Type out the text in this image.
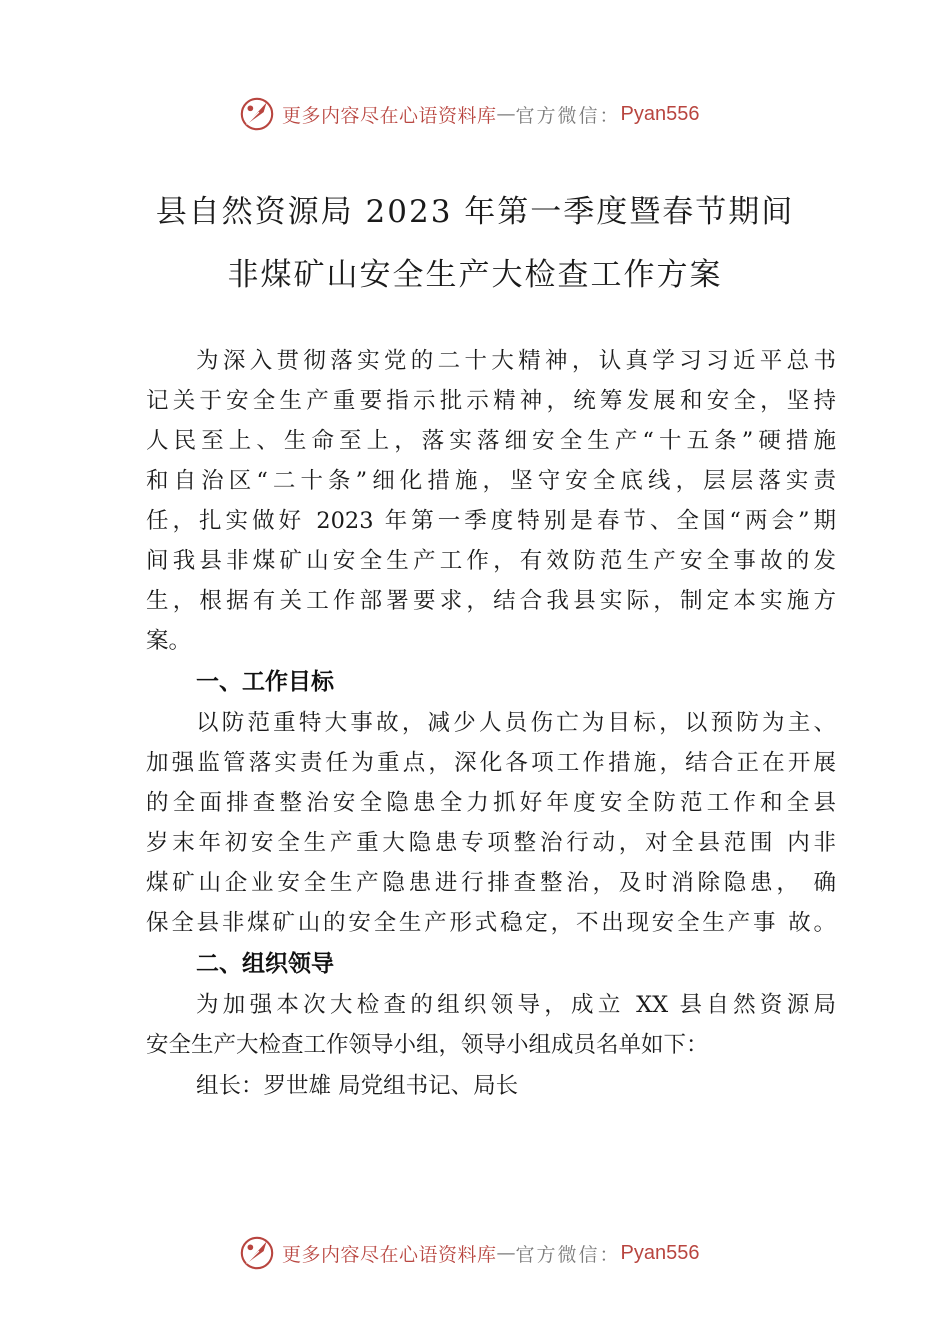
更多内容尽在心语资料库 — 官方微信： Pyan556
县自然资源局 2023 年第一季度暨春节期间
非煤矿山安全生产大检查工作方案
为深入贯彻落实党的二十大精神，认真学习习近平总书
记关于安全生产重要指示批示精神，统筹发展和安全，坚持
人民至上、生命至上，落实落细安全生产“十五条”硬措施
和自治区“二十条”细化措施，坚守安全底线，层层落实责
任，扎实做好 2023 年第一季度特别是春节、全国“两会”期
间我县非煤矿山安全生产工作，有效防范生产安全事故的发
生，根据有关工作部署要求，结合我县实际，制定本实施方
案。
一、工作目标
以防范重特大事故，减少人员伤亡为目标，以预防为主、
加强监管落实责任为重点，深化各项工作措施，结合正在开展
的全面排查整治安全隐患全力抓好年度安全防范工作和全县
岁末年初安全生产重大隐患专项整治行动，对全县范围 内非
煤矿山企业安全生产隐患进行排查整治，及时消除隐患， 确
保全县非煤矿山的安全生产形式稳定，不出现安全生产事 故。
二、组织领导
为加强本次大检查的组织领导，成立 XX 县自然资源局
安全生产大检查工作领导小组，领导小组成员名单如下：
组长：罗世雄 局党组书记、局长
更多内容尽在心语资料库 — 官方微信： Pyan556
